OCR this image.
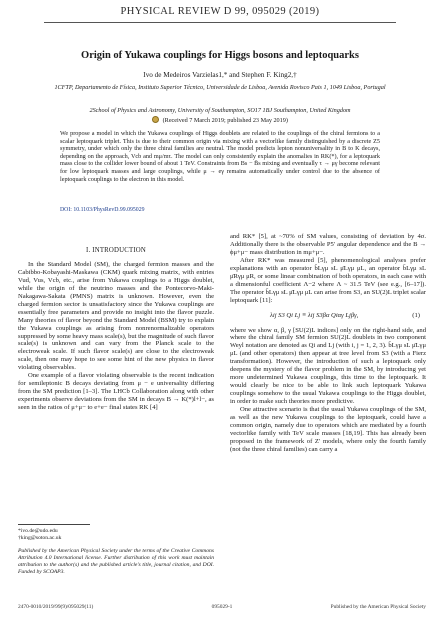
PHYSICAL REVIEW D 99, 095029 (2019)
Origin of Yukawa couplings for Higgs bosons and leptoquarks
Ivo de Medeiros Varzielas1,* and Stephen F. King2,†
1CFTP, Departamento de Física, Instituto Superior Técnico, Universidade de Lisboa, Avenida Rovisco Pais 1, 1049 Lisboa, Portugal
2School of Physics and Astronomy, University of Southampton, SO17 1BJ Southampton, United Kingdom
(Received 7 March 2019; published 23 May 2019)
We propose a model in which the Yukawa couplings of Higgs doublets are related to the couplings of the chiral fermions to a scalar leptoquark triplet. This is due to their common origin via mixing with a vectorlike family distinguished by a discrete Z5 symmetry, under which only the three chiral families are neutral. The model predicts lepton nonuniversality in B to K decays, depending on the approach, Vcb and mμ/mτ. The model can only consistently explain the anomalies in RK(*), for a leptoquark mass close to the collider lower bound of about 1 TeV. Constraints from Bs − B̄s mixing and eventually τ → μγ become relevant for low leptoquark masses and large couplings, while μ → eγ remains automatically under control due to the absence of leptoquark couplings to the electron in this model.
DOI: 10.1103/PhysRevD.99.095029
I. INTRODUCTION

In the Standard Model (SM), the charged fermion masses and the Cabibbo-Kobayashi-Maskawa (CKM) quark mixing matrix, with entries Vud, Vus, Vcb, etc., arise from Yukawa couplings to a Higgs doublet, while the origin of the neutrino masses and the Pontecorvo-Maki-Nakagawa-Sakata (PMNS) matrix is unknown. However, even the charged fermion sector is unsatisfactory since the Yukawa couplings are essentially free parameters and provide no insight into the flavor puzzle. Many theories of flavor beyond the Standard Model (BSM) try to explain the Yukawa couplings as arising from nonrenormalizable operators suppressed by some heavy mass scale(s), but the magnitude of such flavor scale(s) is unknown and can vary from the Planck scale to the electroweak scale. If such flavor scale(s) are close to the electroweak scale, then one may hope to see some hint of the new physics in flavor violating observables.

One example of a flavor violating observable is the recent indication for semileptonic B decays deviating from μ − e universality differing from the SM prediction [1–3]. The LHCb Collaboration along with other experiments observe deviations from the SM in decays B → K(*)l+l−, as seen in the ratios of μ+μ− to e+e− final states RK [4]

and RK* [5], at ~70% of SM values, consisting of deviation by 4σ. Additionally there is the observable P5′ angular dependence and the B → ϕμ+μ− mass distribution in mμ+μ−.

After RK* was measured [5], phenomenological analyses prefer explanations with an operator b̄Lγμ sL μ̄Lγμ μL, an operator b̄Lγμ sL μ̄Rγμ μR, or some linear combination of both operators, in each case with a dimensionful coefficient Λ−2 where Λ ~ 31.5 TeV (see e.g., [6–17]). The operator b̄Lγμ sL μ̄Lγμ μL can arise from S3, an SU(2)L triplet scalar leptoquark [11]:

λij S3 Qi Lj ≡ λij S3βα Qiαγ Ljβγ,	(1)

where we show α, β, γ [SU(2)L indices] only on the right-hand side, and where the chiral family SM fermion SU(2)L doublets in two component Weyl notation are denoted as Qi and Lj (with i, j = 1, 2, 3). b̄Lγμ sL μ̄Lγμ μL (and other operators) then appear at tree level from S3 (with a Fierz transformation). However, the introduction of such a leptoquark only deepens the mystery of the flavor problem in the SM, by introducing yet more undetermined Yukawa couplings, this time to the leptoquark. It would clearly be nice to be able to link such leptoquark Yukawa couplings somehow to the usual Yukawa couplings to the Higgs doublet, in order to make such theories more predictive.

One attractive scenario is that the usual Yukawa couplings of the SM, as well as the new Yukawa couplings to the leptoquark, could have a common origin, namely due to operators which are mediated by a fourth vectorlike family with TeV scale masses [18,19]. This has already been proposed in the framework of Z′ models, where only the fourth family (not the three chiral families) can carry a

*ivo.de@udo.edu
†king@soton.ac.uk
Published by the American Physical Society under the terms of the Creative Commons Attribution 4.0 International license. Further distribution of this work must maintain attribution to the author(s) and the published article's title, journal citation, and DOI. Funded by SCOAP3.
2470-0010/2019/99(9)/095029(11)	095029-1	Published by the American Physical Society
